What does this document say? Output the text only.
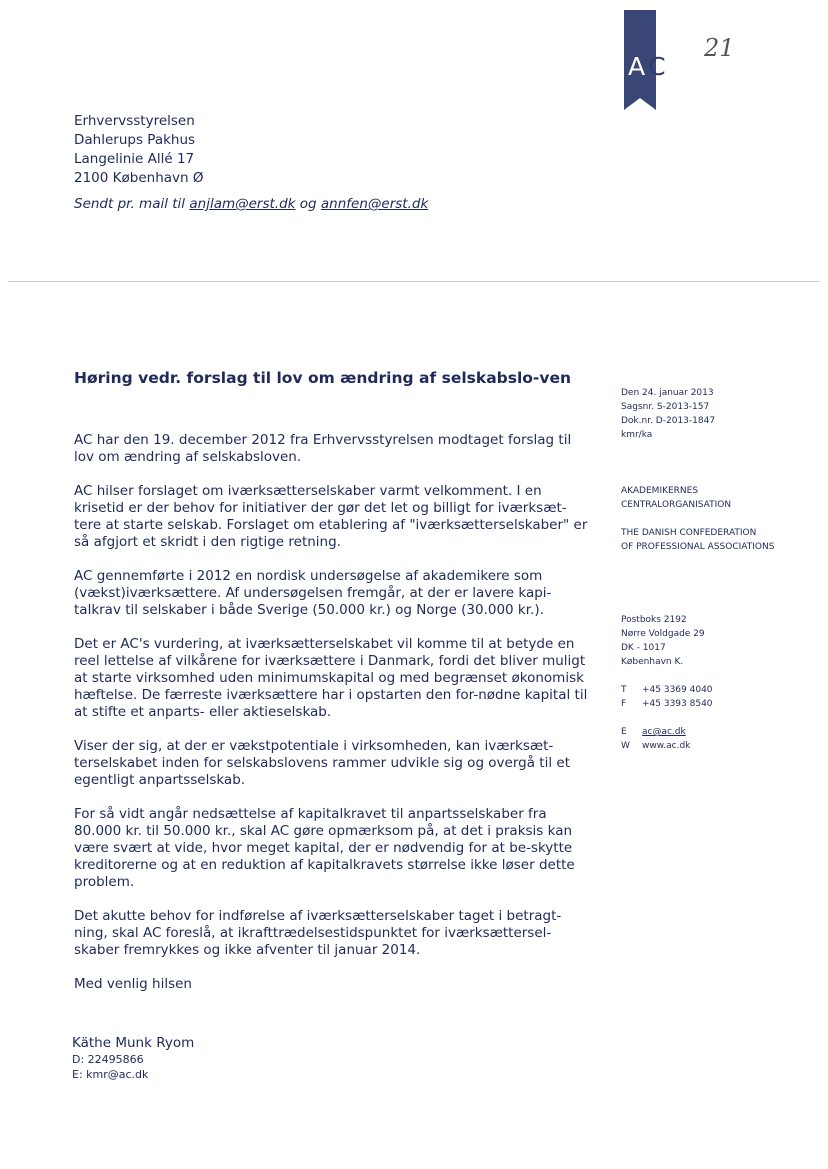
AC
21
Erhvervsstyrelsen
Dahlerups Pakhus
Langelinie Allé 17
2100 København Ø
Sendt pr. mail til anjlam@erst.dk og annfen@erst.dk
Høring vedr. forslag til lov om ændring af selskabslo-ven

AC har den 19. december 2012 fra Erhvervsstyrelsen modtaget forslag til lov om ændring af selskabsloven.

AC hilser forslaget om iværksætterselskaber varmt velkomment. I en krisetid er der behov for initiativer der gør det let og billigt for iværksæt-tere at starte selskab. Forslaget om etablering af "iværksætterselskaber" er så afgjort et skridt i den rigtige retning.

AC gennemførte i 2012 en nordisk undersøgelse af akademikere som (vækst)iværksættere. Af undersøgelsen fremgår, at der er lavere kapi-talkrav til selskaber i både Sverige (50.000 kr.) og Norge (30.000 kr.).

Det er AC's vurdering, at iværksætterselskabet vil komme til at betyde en reel lettelse af vilkårene for iværksættere i Danmark, fordi det bliver muligt at starte virksomhed uden minimumskapital og med begrænset økonomisk hæftelse. De færreste iværksættere har i opstarten den for-nødne kapital til at stifte et anparts- eller aktieselskab.

Viser der sig, at der er vækstpotentiale i virksomheden, kan iværksæt-terselskabet inden for selskabslovens rammer udvikle sig og overgå til et egentligt anpartsselskab.

For så vidt angår nedsættelse af kapitalkravet til anpartsselskaber fra 80.000 kr. til 50.000 kr., skal AC gøre opmærksom på, at det i praksis kan være svært at vide, hvor meget kapital, der er nødvendig for at be-skytte kreditorerne og at en reduktion af kapitalkravets størrelse ikke løser dette problem.

Det akutte behov for indførelse af iværksætterselskaber taget i betragt-ning, skal AC foreslå, at ikrafttrædelsestidspunktet for iværksættersel-skaber fremrykkes og ikke afventer til januar 2014.

Med venlig hilsen

Käthe Munk Ryom
D: 22495866
E: kmr@ac.dk
Den 24. januar 2013
Sagsnr. S-2013-157
Dok.nr. D-2013-1847
kmr/ka
AKADEMIKERNES
CENTRALORGANISATION
THE DANISH CONFEDERATION
OF PROFESSIONAL ASSOCIATIONS
Postboks 2192
Nørre Voldgade 29
DK - 1017
København K.
T +45 3369 4040
F +45 3393 8540
E ac@ac.dk
W www.ac.dk
